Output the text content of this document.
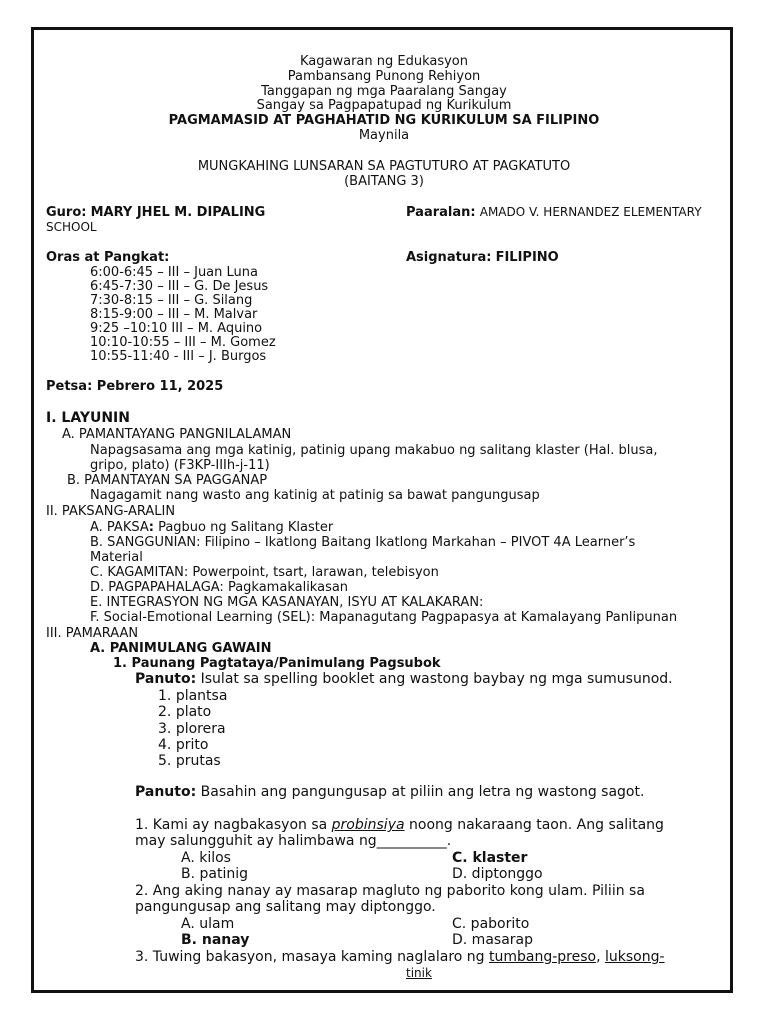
Kagawaran ng Edukasyon
Pambansang Punong Rehiyon
Tanggapan ng mga Paaralang Sangay
Sangay sa Pagpapatupad ng Kurikulum
PAGMAMASID AT PAGHAHATID NG KURIKULUM SA FILIPINO
Maynila
MUNGKAHING LUNSARAN SA PAGTUTURO AT PAGKATUTO
(BAITANG 3)
Guro: MARY JHEL M. DIPALING	Paaralan: AMADO V. HERNANDEZ ELEMENTARY
SCHOOL
Oras at Pangkat:	Asignatura: FILIPINO
6:00-6:45 – III – Juan Luna
6:45-7:30 – III – G. De Jesus
7:30-8:15 – III – G. Silang
8:15-9:00 – III – M. Malvar
9:25 –10:10 III – M. Aquino
10:10-10:55 – III – M. Gomez
10:55-11:40 - III – J. Burgos
Petsa: Pebrero 11, 2025
I. LAYUNIN
A. PAMANTAYANG PANGNILALAMAN
Napagsasama ang mga katinig, patinig upang makabuo ng salitang klaster (Hal. blusa,
gripo, plato) (F3KP-IIIh-j-11)
B. PAMANTAYAN SA PAGGANAP
Nagagamit nang wasto ang katinig at patinig sa bawat pangungusap
II. PAKSANG-ARALIN
A. PAKSA: Pagbuo ng Salitang Klaster
B. SANGGUNIAN: Filipino – Ikatlong Baitang Ikatlong Markahan – PIVOT 4A Learner’s
Material
C. KAGAMITAN: Powerpoint, tsart, larawan, telebisyon
D. PAGPAPAHALAGA: Pagkamakalikasan
E. INTEGRASYON NG MGA KASANAYAN, ISYU AT KALAKARAN:
F. Social-Emotional Learning (SEL): Mapanagutang Pagpapasya at Kamalayang Panlipunan
III. PAMARAAN
A. PANIMULANG GAWAIN
1. Paunang Pagtataya/Panimulang Pagsubok
Panuto: Isulat sa spelling booklet ang wastong baybay ng mga sumusunod.
1. plantsa
2. plato
3. plorera
4. prito
5. prutas
Panuto: Basahin ang pangungusap at piliin ang letra ng wastong sagot.
1. Kami ay nagbakasyon sa probinsiya noong nakaraang taon. Ang salitang
may salungguhit ay halimbawa ng__________.
A. kilos	C. klaster
B. patinig	D. diptonggo
2. Ang aking nanay ay masarap magluto ng paborito kong ulam. Piliin sa
pangungusap ang salitang may diptonggo.
A. ulam	C. paborito
B. nanay	D. masarap
3. Tuwing bakasyon, masaya kaming naglalaro ng tumbang-preso, luksong-
tinik
